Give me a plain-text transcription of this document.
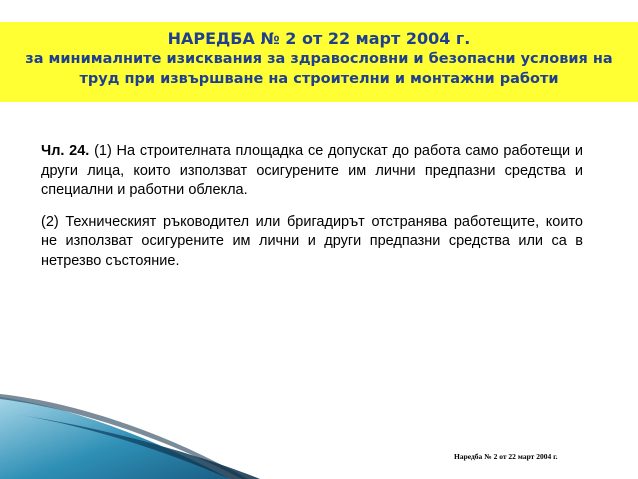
НАРЕДБА № 2 от 22 март 2004 г.
за минималните изисквания за здравословни и безопасни условия на
труд при извършване на строителни и монтажни работи

Чл. 24. (1) На строителната площадка се допускат до работа само работещи и други лица, които използват осигурените им лични предпазни средства и специални и работни облекла.

(2) Техническият ръководител или бригадирът отстранява работещите, които не използват осигурените им лични и други предпазни средства или са в нетрезво състояние.

Наредба № 2 от 22 март 2004 г.
